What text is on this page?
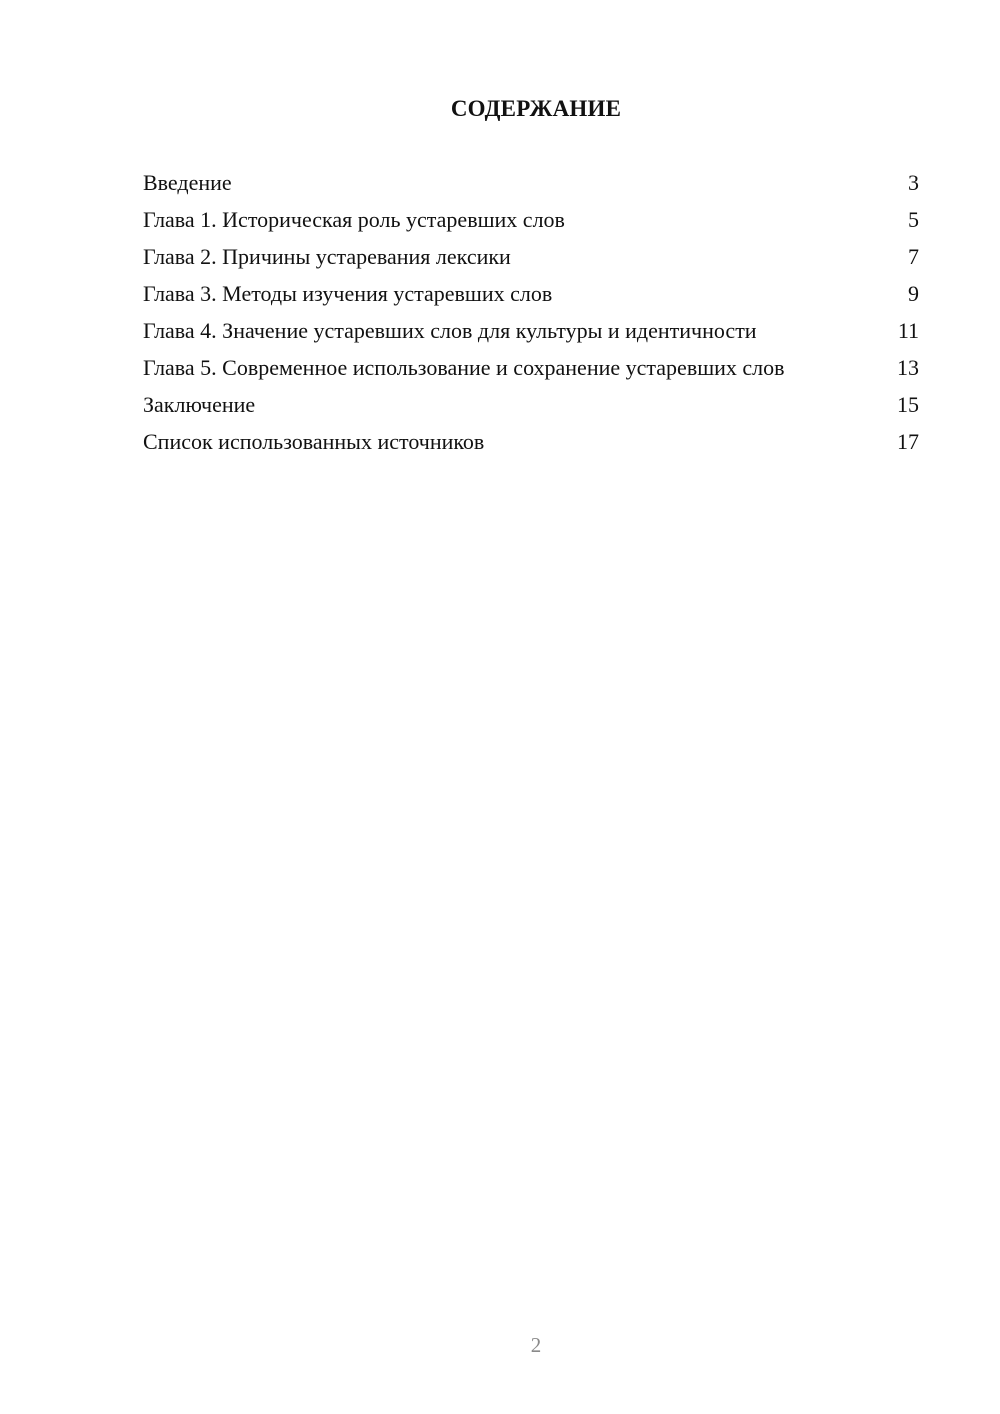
СОДЕРЖАНИЕ
Введение	3
Глава 1. Историческая роль устаревших слов	5
Глава 2. Причины устаревания лексики	7
Глава 3. Методы изучения устаревших слов	9
Глава 4. Значение устаревших слов для культуры и идентичности	11
Глава 5. Современное использование и сохранение устаревших слов	13
Заключение	15
Список использованных источников	17
2
